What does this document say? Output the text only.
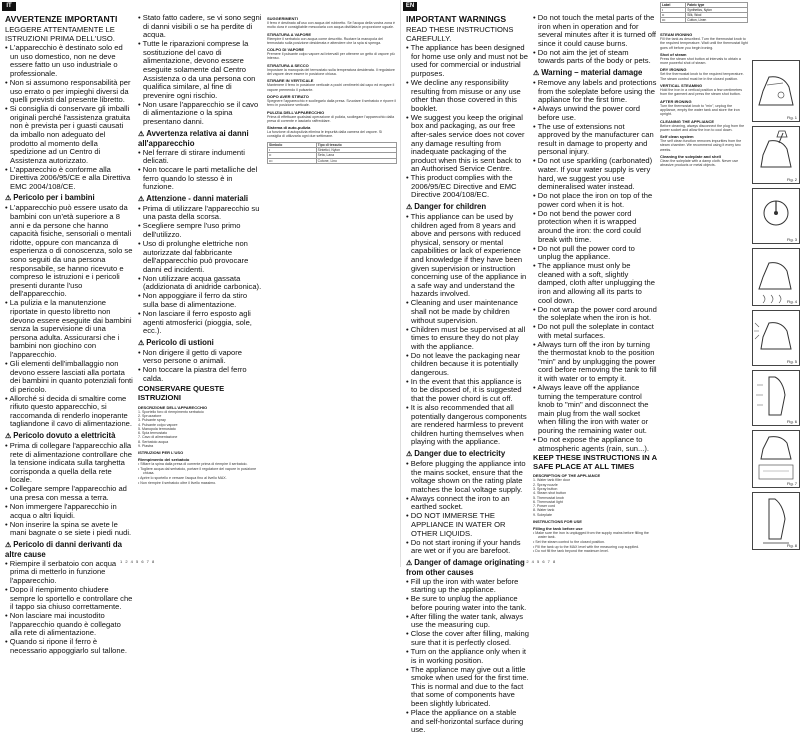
IT
AVVERTENZE IMPORTANTI

LEGGERE ATTENTAMENTE LE ISTRUZIONI PRIMA DELL'USO.

• L'apparecchio è destinato solo ed un uso domestico, non ne deve essere fatto un uso industriale o professionale.
• Non si assumono responsabilità per uso errato o per impieghi diversi da quelli previsti dal presente libretto.
• Si consiglia di conservare gli imballi originali perché l'assistenza gratuita non è prevista per i guasti causati da imballo non adeguato del prodotto al momento della spedizione ad un Centro di Assistenza autorizzato.
• L'apparecchio è conforme alla Direttiva 2006/95/CE e alla Direttiva EMC 2004/108/CE.
⚠ Pericolo per i bambini
• L'apparecchio può essere usato da bambini con un'età superiore a 8 anni e da persone che hanno capacità fisiche, sensoriali o mentali ridotte, oppure con mancanza di esperienza o di conoscenza, solo se sono seguiti da una persona responsabile, se hanno ricevuto e compreso le istruzioni e i pericoli presenti durante l'uso dell'apparecchio.
• La pulizia e la manutenzione riportate in questo libretto non devono essere eseguite dai bambini senza la supervisione di una persona adulta. Assicurarsi che i bambini non giochino con l'apparecchio.
• Gli elementi dell'imballaggio non devono essere lasciati alla portata dei bambini in quanto potenziali fonti di pericolo.
• Allorché si decida di smaltire come rifiuto questo apparecchio, si raccomanda di renderlo inoperante tagliandone il cavo di alimentazione.
⚠ Pericolo dovuto a elettricità
• Prima di collegare l'apparecchio alla rete di alimentazione controllare che la tensione indicata sulla targhetta corrisponda a quella della rete locale.
• Collegare sempre l'apparecchio ad una presa con messa a terra.
• Non immergere l'apparecchio in acqua o altri liquidi.
• Non inserire la spina se avete le mani bagnate o se siete i piedi nudi.
⚠ Pericolo di danni derivanti da altre cause
• Riempire il serbatoio con acqua prima di metterlo in funzione l'apparecchio.
• Dopo il riempimento chiudere sempre lo sportello e controllare che il tappo sia chiuso correttamente.
• Non lasciare mai incustodito l'apparecchio quando è collegato alla rete di alimentazione.
• Quando si ripone il ferro è necessario appoggiarlo sul tallone.
• Stato fatto cadere, se vi sono segni di danni visibili o se ha perdite di acqua.
• Tutte le riparazioni comprese la sostituzione del cavo di alimentazione, devono essere eseguite solamente dal Centro Assistenza o da una persona con qualifica similare, al fine di prevenire ogni rischio.
• Non usare l'apparecchio se il cavo di alimentazione o la spina presentano danni.
⚠ Avvertenza relativa ai danni all'apparecchio
• Nel ferrare di stirare indumenti delicati.
• Non toccare le parti metalliche del ferro quando lo stesso è in funzione.
⚠ Attenzione - danni materiali
• Prima di utilizzare l'apparecchio su una pasta della scorsa.
• Scegliere sempre l'uso primo dell'utilizzo.
• Uso di prolunghe elettriche non autorizzate dal fabbricante dell'apparecchio può provocare danni ed incidenti.
• Non utilizzare acqua gassata (addizionata di anidride carbonica).
• Non appoggiare il ferro da stiro sulla base di alimentazione.
• Non lasciare il ferro esposto agli agenti atmosferici (pioggia, sole, ecc.).
⚠ Pericolo di ustioni
• Non dirigere il getto di vapore verso persone o animali.
• Non toccare la piastra del ferro calda.

CONSERVARE QUESTE ISTRUZIONI

DESCRIZIONE DELL'APPARECCHIO
1. Sportello foro di riempimento serbatoio
2. Spruzzatore
3. Pulsante spray
4. Pulsante colpo vapore
5. Manopola termostato
6. Spia termostato
7. Cavo di alimentazione
8. Serbatoio acqua
9. Piastra
ISTRUZIONI PER L'USO
Riempimento del serbatoio
• Sfilare la spina dalla presa di corrente prima di riempire il serbatoio.
• Togliere acqua dal serbatoio, portare il regolatore del vapore in posizione chiusa.
• Aprire lo sportello e versare l'acqua fino al livello MAX.
• Non riempire il serbatoio oltre il livello massimo.
SUGGERIMENTI

Il ferro è destinato all'uso con acqua del rubinetto. Se l'acqua della vostra zona è molto dura è consigliabile mescolarla con acqua distillata in proporzione uguale.

STIRATURA A VAPORE

Riempire il serbatoio con acqua come descritto. Ruotare la manopola del termostato sulla posizione desiderata e attendere che la spia si spenga.

COLPO DI VAPORE

Premere il pulsante colpo vapore ad intervalli per ottenere un getto di vapore più intenso.

STIRATURA A SECCO

Impostare la manopola del termostato sulla temperatura desiderata. Il regolatore del vapore deve essere in posizione chiusa.

STIRARE IN VERTICALE

Mantenere il ferro in posizione verticale a pochi centimetri dal capo ed erogare il vapore premendo il pulsante.

DOPO AVER STIRATO

Spegnere l'apparecchio e scollegarlo dalla presa. Svuotare il serbatoio e riporre il ferro in posizione verticale.

PULIZIA DELL'APPARECCHIO

Prima di effettuare qualsiasi operazione di pulizia, scollegare l'apparecchio dalla presa di corrente e lasciarlo raffreddare.

Sistema di auto-pulizia

La funzione di autopulizia elimina le impurità dalla camera del vapore. Si consiglia di utilizzarla ogni due settimane.

Simbolo	Tipo di tessuto
•	Sintetici, Nylon
••	Seta, Lana
•••	Cotone, Lino
1 2 4 5 6 7 8
EN
IMPORTANT WARNINGS

READ THESE INSTRUCTIONS CAREFULLY.

• The appliance has been designed for home use only and must not be used for commercial or industrial purposes.
• We decline any responsibility resulting from misuse or any use other than those covered in this booklet.
• We suggest you keep the original box and packaging, as our free after-sales service does not cover any damage resulting from inadequate packaging of the product when this is sent back to an Authorised Service Centre.
• This product complies with the 2006/95/EC Directive and EMC Directive 2004/108/EC.
⚠ Danger for children
• This appliance can be used by children aged from 8 years and above and persons with reduced physical, sensory or mental capabilities or lack of experience and knowledge if they have been given supervision or instruction concerning use of the appliance in a safe way and understand the hazards involved.
• Cleaning and user maintenance shall not be made by children without supervision.
• Children must be supervised at all times to ensure they do not play with the appliance.
• Do not leave the packaging near children because it is potentially dangerous.
• In the event that this appliance is to be disposed of, it is suggested that the power chord is cut off.
• It is also recommended that all potentially dangerous components are rendered harmless to prevent children hurting themselves when playing with the appliance.
⚠ Danger due to electricity
• Before plugging the appliance into the mains socket, ensure that the voltage shown on the rating plate matches the local voltage supply.
• Always connect the iron to an earthed socket.
• DO NOT IMMERSE THE APPLIANCE IN WATER OR OTHER LIQUIDS.
• Do not start ironing if your hands are wet or if you are barefoot.
⚠ Danger of damage originating from other causes
• Fill up the iron with water before starting up the appliance.
• Be sure to unplug the appliance before pouring water into the tank.
• After filling the water tank, always use the measuring cup.
• Close the cover after filling, making sure that it is perfectly closed.
• Turn on the appliance only when it is in working position.
• The appliance may give out a little smoke when used for the first time. This is normal and due to the fact that some of components have been slightly lubricated.
• Place the appliance on a stable and self-horizontal surface during use.
• Do not touch the metal parts of the iron when in operation and for several minutes after it is turned off since it could cause burns.
• Do not aim the jet of steam towards parts of the body or pets.
⚠ Warning – material damage
• Remove any labels and protections from the soleplate before using the appliance for the first time.
• Always unwind the power cord before use.
• The use of extensions not approved by the manufacturer can result in damage to property and personal injury.
• Do not use sparkling (carbonated) water. If your water supply is very hard, we suggest you use demineralised water instead.
• Do not place the iron on top of the power cord when it is hot.
• Do not bend the power cord protection when it is wrapped around the iron: the cord could break with time.
• Do not pull the power cord to unplug the appliance.
• The appliance must only be cleaned with a soft, slightly damped, cloth after unplugging the iron and allowing all its parts to cool down.
• Do not wrap the power cord around the soleplate when the iron is hot.
• Do not pull the soleplate in contact with metal surfaces.
• Always turn off the iron by turning the thermostat knob to the position "min" and by unplugging the power cord before removing the tank to fill it with water or to empty it.
• Always leave off the appliance turning the temperature control knob to "min" and disconnect the main plug from the wall socket when filling the iron with water or pouring the remaining water out.
• Do not expose the appliance to atmospheric agents (rain, sun...).

KEEP THESE INSTRUCTIONS IN A SAFE PLACE AT ALL TIMES

DESCRIPTION OF THE APPLIANCE
1. Water tank filler door
2. Spray nozzle
3. Spray button
4. Steam shot button
5. Thermostat knob
6. Thermostat light
7. Power cord
8. Water tank
9. Soleplate
INSTRUCTIONS FOR USE
Filling the tank before use
• Make sure the iron is unplugged from the supply mains before filling the water tank.
• Set the steam control to the closed position.
• Fill the tank up to the MAX level with the measuring cup supplied.
• Do not fill the tank beyond the maximum level.
STEAM IRONING

Fill the tank as described. Turn the thermostat knob to the required temperature. Wait until the thermostat light goes off before you begin ironing.

Shot of steam

Press the steam shot button at intervals to obtain a more powerful shot of steam.

DRY IRONING

Set the thermostat knob to the required temperature. The steam control must be in the closed position.

VERTICAL STEAMING

Hold the iron in a vertical position a few centimetres from the garment and press the steam shot button.

AFTER IRONING

Turn the thermostat knob to "min", unplug the appliance, empty the water tank and store the iron upright.

CLEANING THE APPLIANCE

Before cleaning, always disconnect the plug from the power socket and allow the iron to cool down.

Self clean system

The self clean function removes impurities from the steam chamber. We recommend using it every two weeks.

Cleaning the soleplate and shell

Clean the soleplate with a damp cloth. Never use abrasive products or metal objects.

Label	Fabric type
•	Synthetics, Nylon
••	Silk, Wool
•••	Cotton, Linen
Fig. 1
Fig. 2
Fig. 3
Fig. 4
Fig. 5
Fig. 6
Fig. 7
Fig. 8
1 2 4 5 6 7 8
